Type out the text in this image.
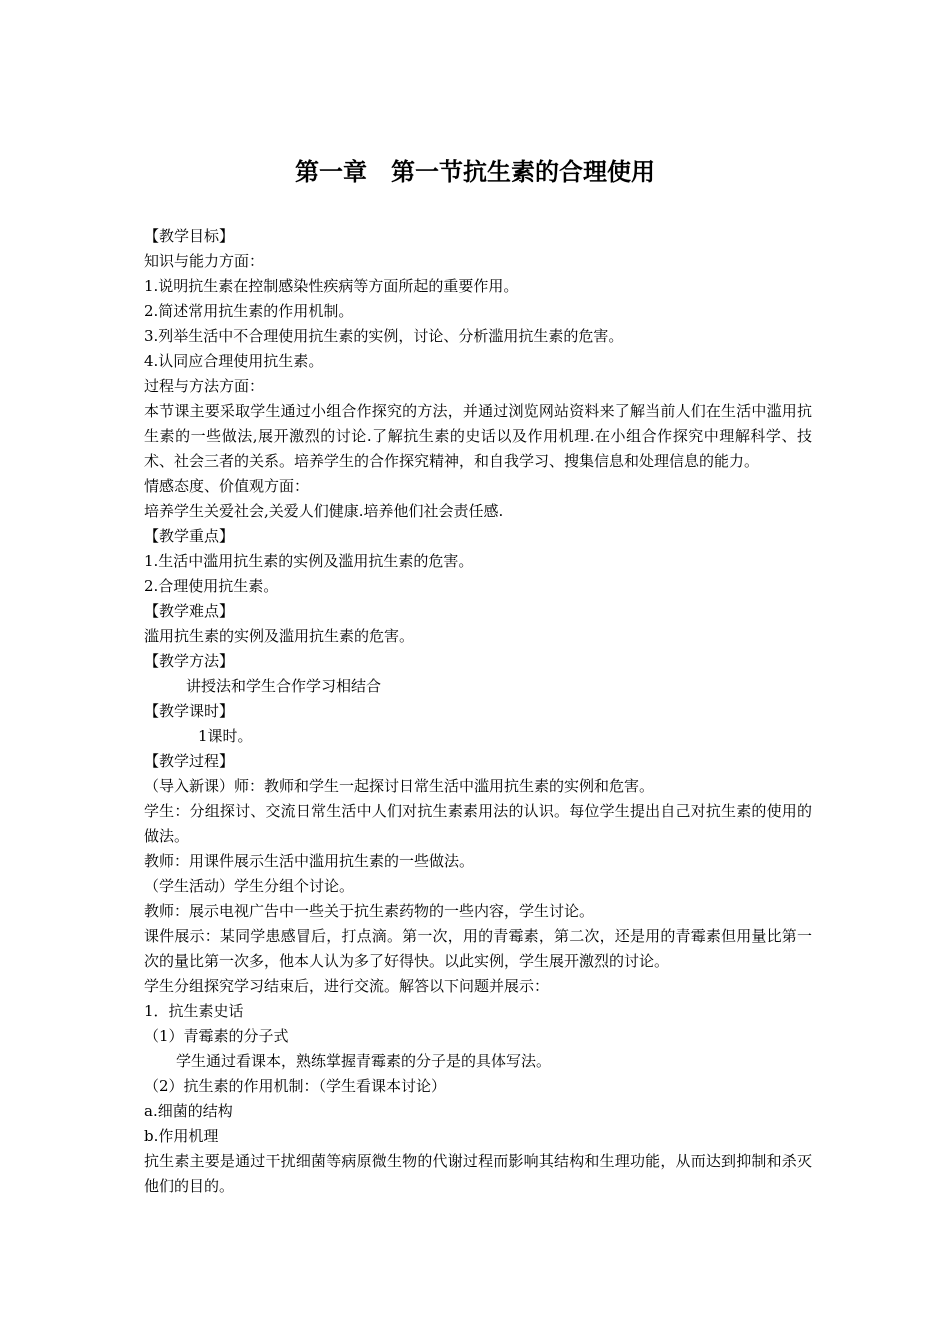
第一章　第一节抗生素的合理使用
【教学目标】
知识与能力方面：
1.说明抗生素在控制感染性疾病等方面所起的重要作用。
2.简述常用抗生素的作用机制。
3.列举生活中不合理使用抗生素的实例，讨论、分析滥用抗生素的危害。
4.认同应合理使用抗生素。
过程与方法方面：
本节课主要采取学生通过小组合作探究的方法，并通过浏览网站资料来了解当前人们在生活中滥用抗生素的一些做法,展开激烈的讨论.了解抗生素的史话以及作用机理.在小组合作探究中理解科学、技术、社会三者的关系。培养学生的合作探究精神，和自我学习、搜集信息和处理信息的能力。
情感态度、价值观方面：
培养学生关爱社会,关爱人们健康.培养他们社会责任感.
【教学重点】
1.生活中滥用抗生素的实例及滥用抗生素的危害。
2.合理使用抗生素。
【教学难点】
滥用抗生素的实例及滥用抗生素的危害。
【教学方法】
讲授法和学生合作学习相结合
【教学课时】
1课时。
【教学过程】
（导入新课）师：教师和学生一起探讨日常生活中滥用抗生素的实例和危害。
学生：分组探讨、交流日常生活中人们对抗生素素用法的认识。每位学生提出自己对抗生素的使用的做法。
教师：用课件展示生活中滥用抗生素的一些做法。
（学生活动）学生分组个讨论。
教师：展示电视广告中一些关于抗生素药物的一些内容，学生讨论。
课件展示：某同学患感冒后，打点滴。第一次，用的青霉素，第二次，还是用的青霉素但用量比第一次的量比第一次多，他本人认为多了好得快。以此实例，学生展开激烈的讨论。
学生分组探究学习结束后，进行交流。解答以下问题并展示：
1．抗生素史话
（1）青霉素的分子式
学生通过看课本，熟练掌握青霉素的分子是的具体写法。
（2）抗生素的作用机制：（学生看课本讨论）
a.细菌的结构
b.作用机理
抗生素主要是通过干扰细菌等病原微生物的代谢过程而影响其结构和生理功能，从而达到抑制和杀灭他们的目的。
